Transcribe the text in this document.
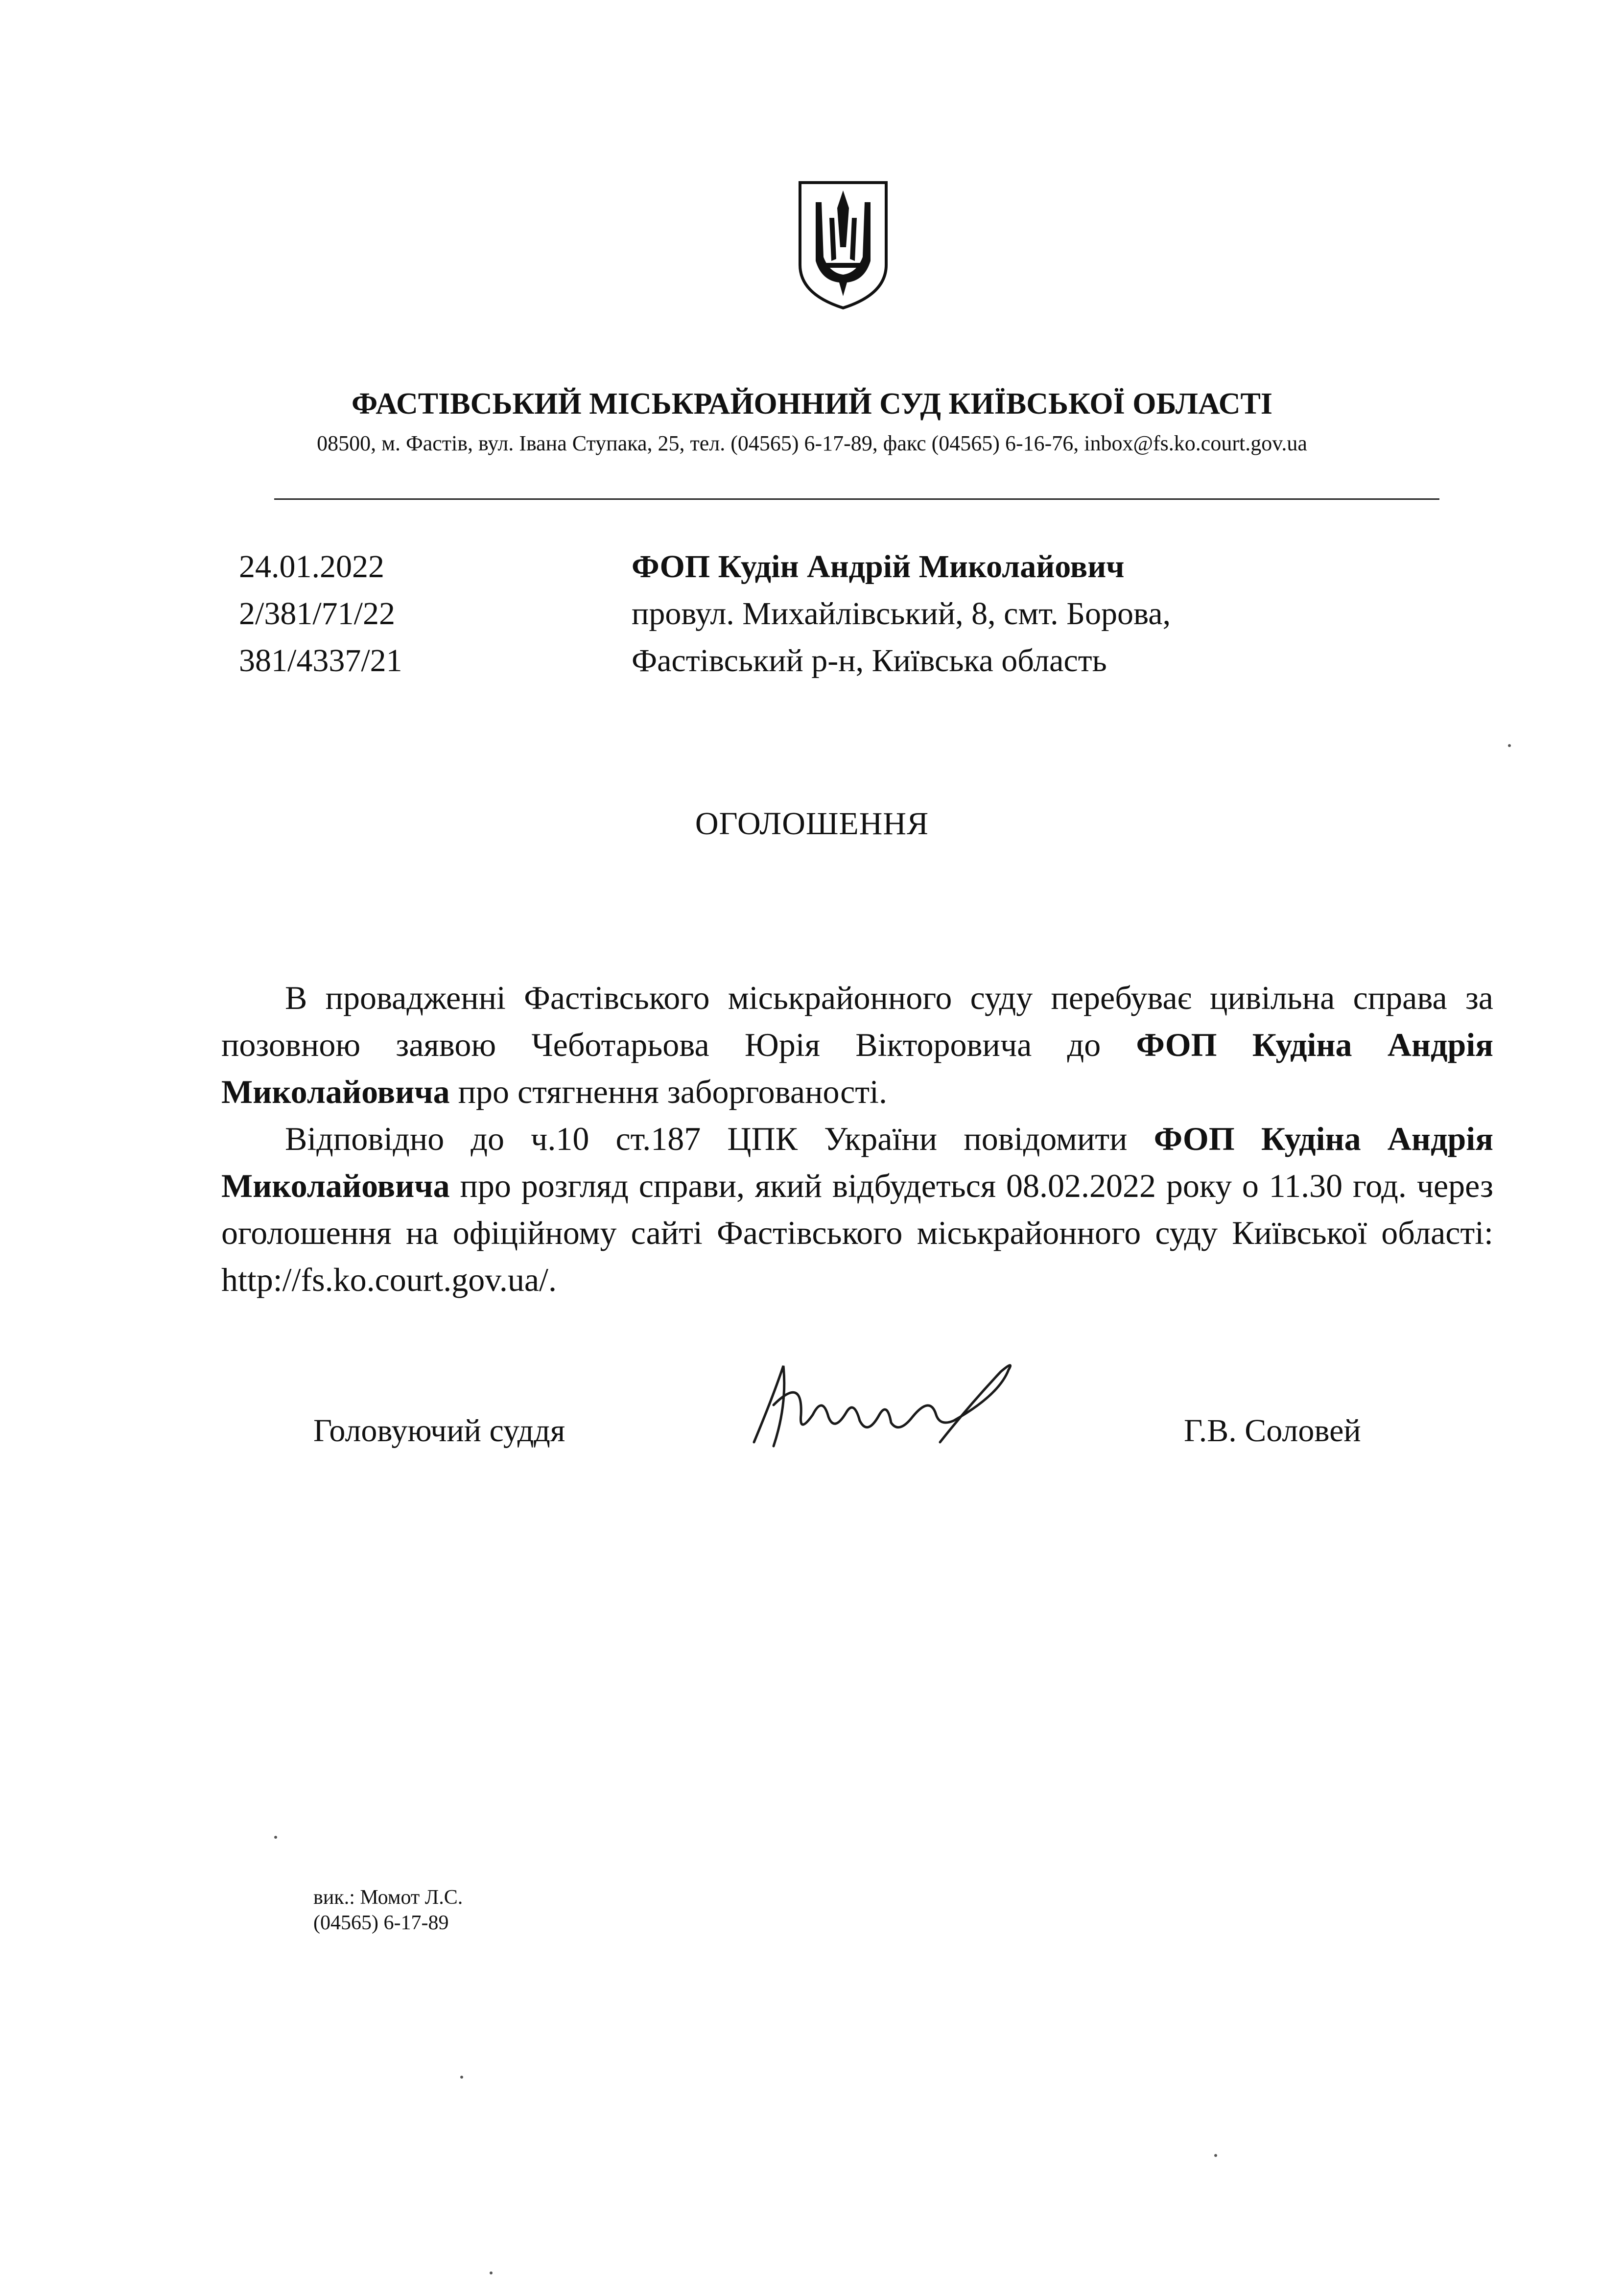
ФАСТІВСЬКИЙ МІСЬКРАЙОННИЙ СУД КИЇВСЬКОЇ ОБЛАСТІ
08500, м. Фастів, вул. Івана Ступака, 25, тел. (04565) 6-17-89, факс (04565) 6-16-76, inbox@fs.ko.court.gov.ua
24.01.2022
2/381/71/22
381/4337/21
ФОП Кудін Андрій Миколайович
провул. Михайлівський, 8, смт. Борова,
Фастівський р-н, Київська область
ОГОЛОШЕННЯ

В провадженні Фастівського міськрайонного суду перебуває цивільна справа за позовною заявою Чеботарьова Юрія Вікторовича до ФОП Кудіна Андрія Миколайовича про стягнення заборгованості.

Відповідно до ч.10 ст.187 ЦПК України повідомити ФОП Кудіна Андрія Миколайовича про розгляд справи, який відбудеться 08.02.2022 року о 11.30 год. через оголошення на офіційному сайті Фастівського міськрайонного суду Київської області: http://fs.ko.court.gov.ua/.

Головуючий суддя	Г.В. Соловей
вик.: Момот Л.С.
(04565) 6-17-89
